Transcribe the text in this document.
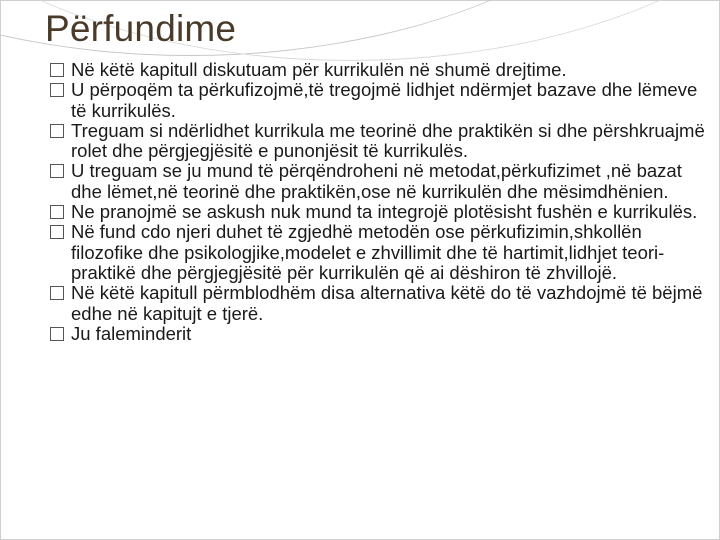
Përfundime
Në këtë kapitull diskutuam për kurrikulën në shumë drejtime.
U përpoqëm ta përkufizojmë,të tregojmë lidhjet ndërmjet bazave dhe lëmeve të kurrikulës.
Treguam si ndërlidhet kurrikula me teorinë dhe praktikën si dhe përshkruajmë rolet dhe përgjegjësitë e punonjësit të kurrikulës.
U treguam se ju mund të përqëndroheni në metodat,përkufizimet ,në bazat dhe lëmet,në teorinë dhe praktikën,ose në kurrikulën dhe mësimdhënien.
Ne pranojmë se askush nuk mund ta integrojë plotësisht fushën e kurrikulës.
Në fund cdo njeri duhet të zgjedhë metodën ose përkufizimin,shkollën filozofike dhe psikologjike,modelet e zhvillimit dhe të hartimit,lidhjet teori-praktikë dhe përgjegjësitë për kurrikulën që ai dëshiron të zhvillojë.
Në këtë kapitull përmblodhëm disa alternativa këtë do të vazhdojmë të bëjmë edhe në kapitujt e tjerë.
Ju faleminderit
